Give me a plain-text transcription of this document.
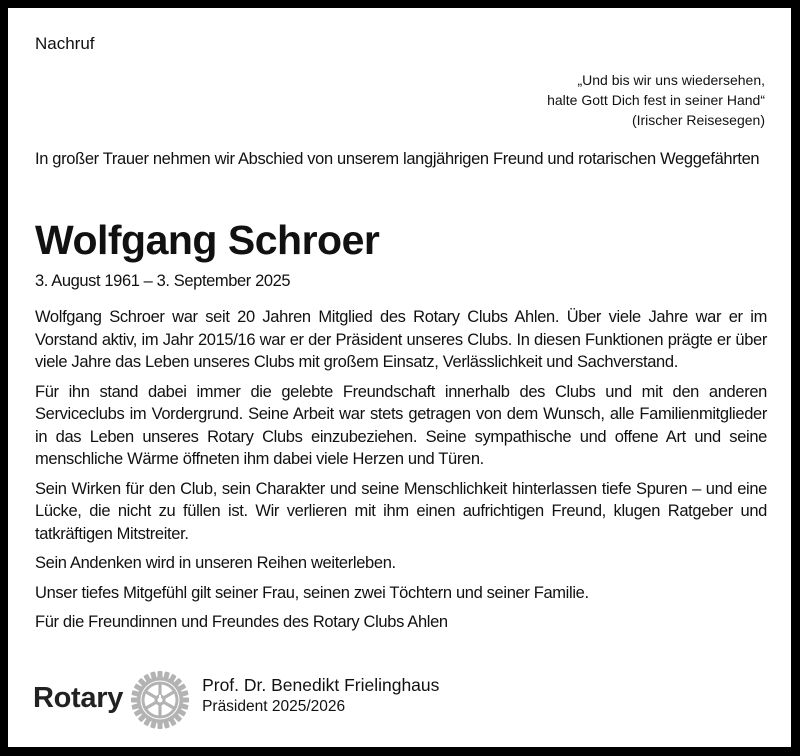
Nachruf
„Und bis wir uns wiedersehen,
halte Gott Dich fest in seiner Hand“
(Irischer Reisesegen)
In großer Trauer nehmen wir Abschied von unserem langjährigen Freund und rotarischen Weggefährten
Wolfgang Schroer
3. August 1961 – 3. September 2025

Wolfgang Schroer war seit 20 Jahren Mitglied des Rotary Clubs Ahlen. Über viele Jahre war er im Vorstand aktiv, im Jahr 2015/16 war er der Präsident unseres Clubs. In diesen Funktionen prägte er über viele Jahre das Leben unseres Clubs mit großem Einsatz, Verlässlichkeit und Sachverstand.

Für ihn stand dabei immer die gelebte Freundschaft innerhalb des Clubs und mit den anderen Serviceclubs im Vordergrund. Seine Arbeit war stets getragen von dem Wunsch, alle Familienmitglieder in das Leben unseres Rotary Clubs einzubeziehen. Seine sympathische und offene Art und seine menschliche Wärme öffneten ihm dabei viele Herzen und Türen.

Sein Wirken für den Club, sein Charakter und seine Menschlichkeit hinterlassen tiefe Spuren – und eine Lücke, die nicht zu füllen ist. Wir verlieren mit ihm einen aufrichtigen Freund, klugen Ratgeber und tatkräftigen Mitstreiter.

Sein Andenken wird in unseren Reihen weiterleben.

Unser tiefes Mitgefühl gilt seiner Frau, seinen zwei Töchtern und seiner Familie.

Für die Freundinnen und Freundes des Rotary Clubs Ahlen

Rotary	Prof. Dr. Benedikt Frielinghaus
Präsident 2025/2026
